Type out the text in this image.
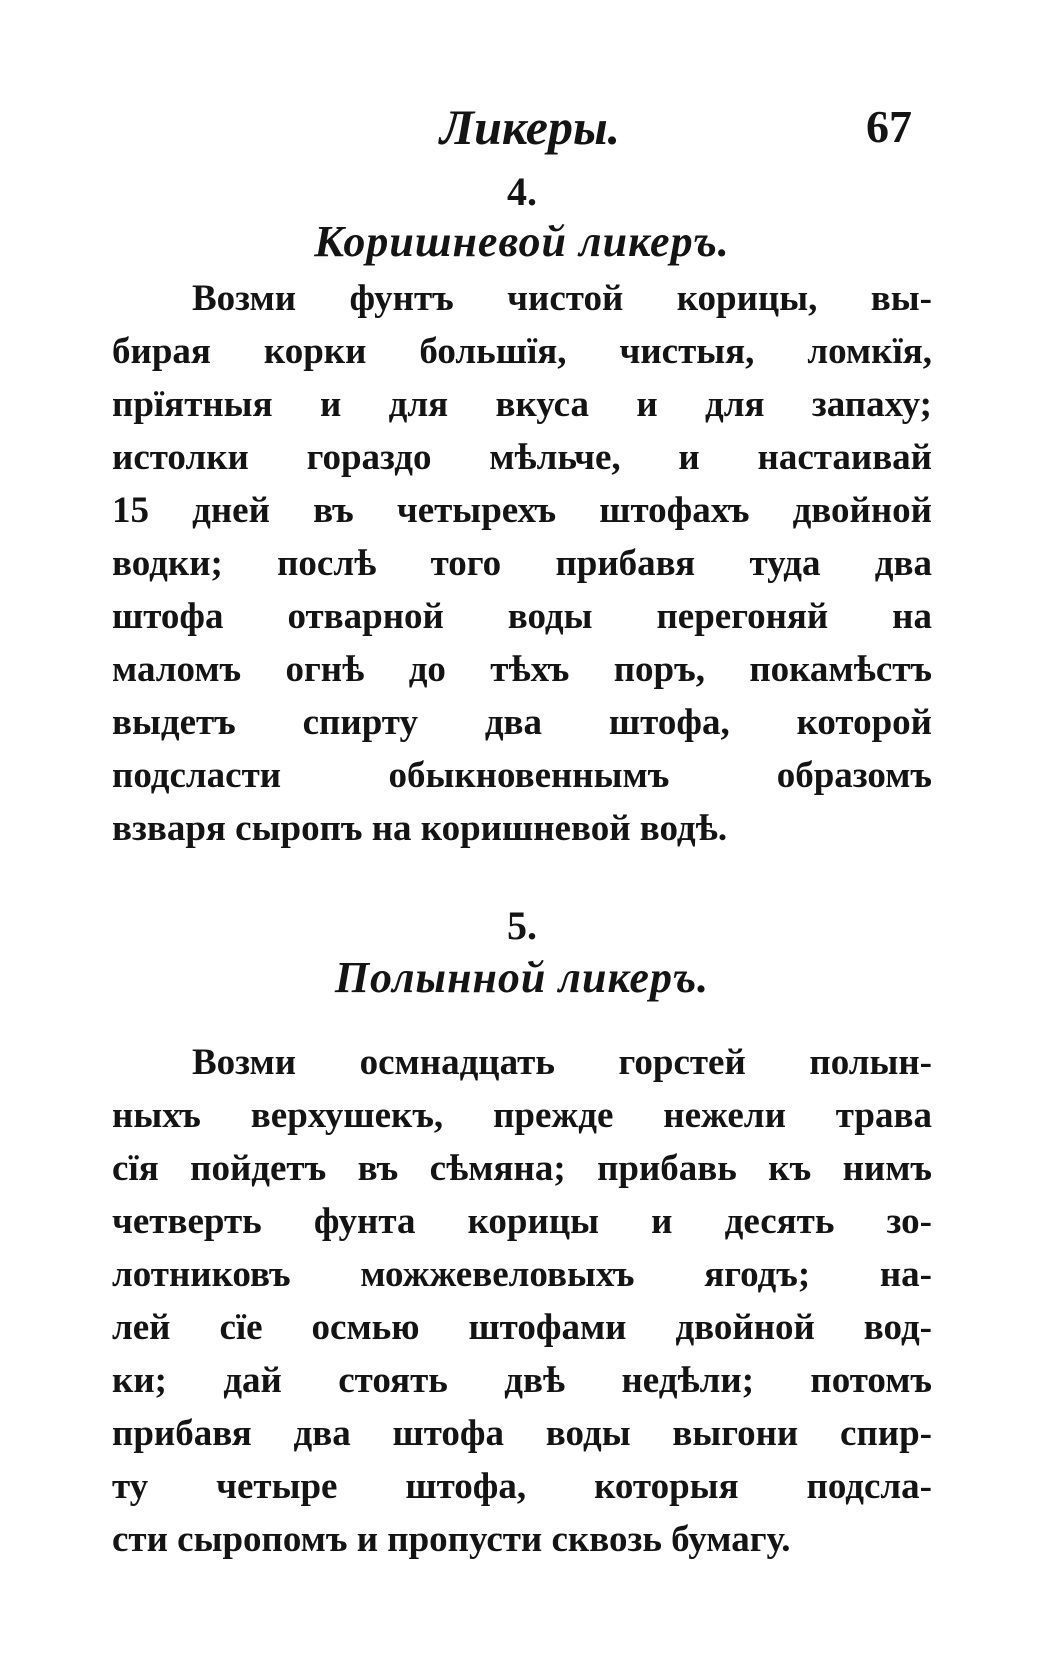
Ликеры.	67
4.
Коришневой ликеръ.
Возми фунтъ чистой корицы, вы-
бирая корки большїя, чистыя, ломкїя,
прїятныя и для вкуса и для запаху;
истолки гораздо мѣльче, и настаивай
15 дней въ четырехъ штофахъ двойной
водки; послѣ того прибавя туда два
штофа отварной воды перегоняй на
маломъ огнѣ до тѣхъ поръ, покамѣстъ
выдетъ спирту два штофа, которой
подсласти обыкновеннымъ образомъ
взваря сыропъ на коришневой водѣ.
5.
Полынной ликеръ.
Возми осмнадцать горстей полын-
ныхъ верхушекъ, прежде нежели трава
сїя пойдетъ въ сѣмяна; прибавь къ нимъ
четверть фунта корицы и десять зо-
лотниковъ можжевеловыхъ ягодъ; на-
лей сїе осмью штофами двойной вод-
ки; дай стоять двѣ недѣли; потомъ
прибавя два штофа воды выгони спир-
ту четыре штофа, которыя подсла-
сти сыропомъ и пропусти сквозь бумагу.
